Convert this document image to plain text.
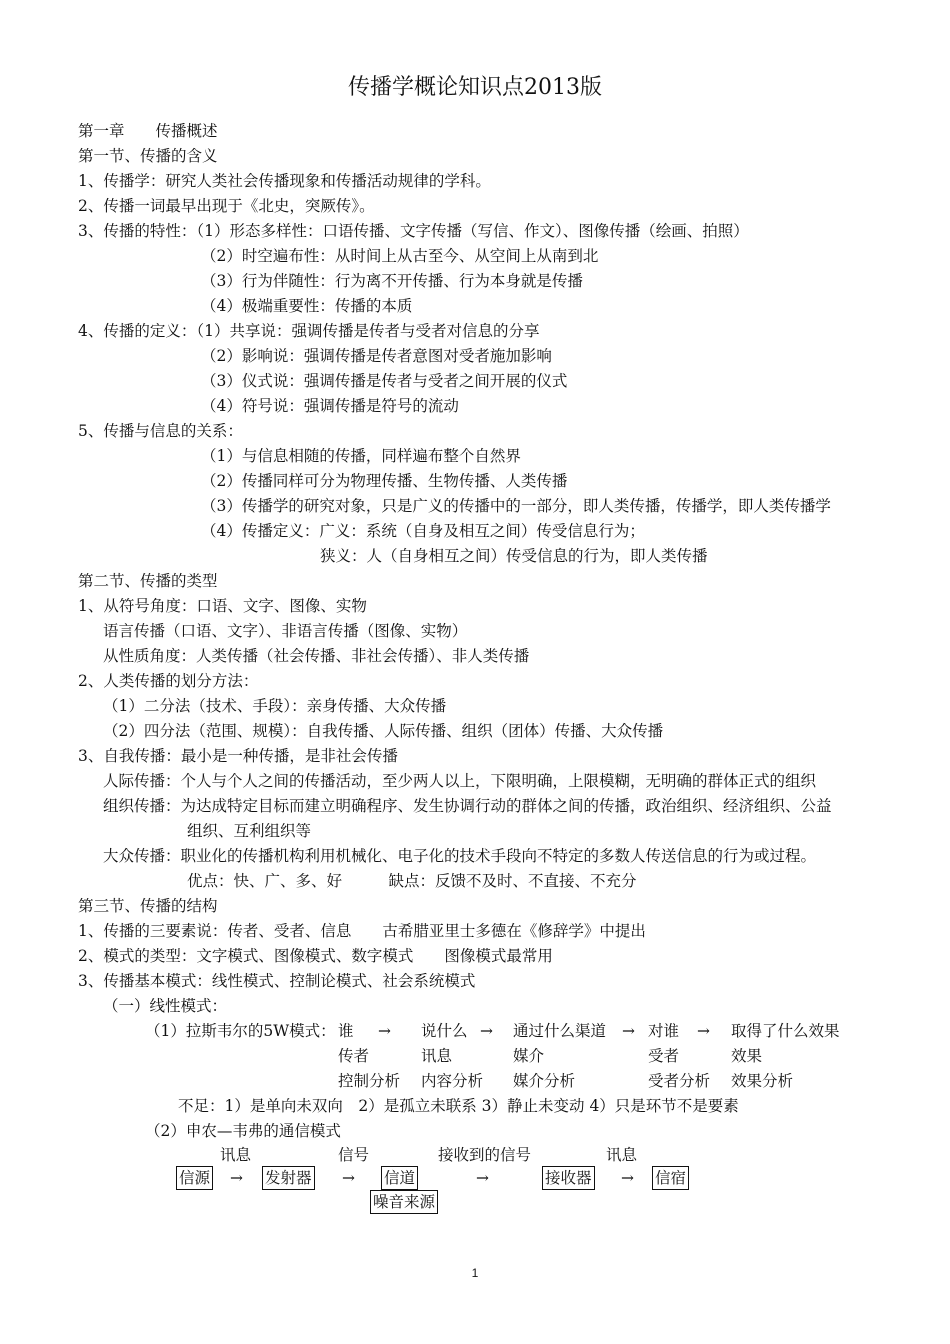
传播学概论知识点2013版
第一章　　传播概述
第一节、传播的含义
1、传播学：研究人类社会传播现象和传播活动规律的学科。
2、传播一词最早出现于《北史，突厥传》。
3、传播的特性：（1）形态多样性：口语传播、文字传播（写信、作文）、图像传播（绘画、拍照）
（2）时空遍布性：从时间上从古至今、从空间上从南到北
（3）行为伴随性：行为离不开传播、行为本身就是传播
（4）极端重要性：传播的本质
4、传播的定义：（1）共享说：强调传播是传者与受者对信息的分享
（2）影响说：强调传播是传者意图对受者施加影响
（3）仪式说：强调传播是传者与受者之间开展的仪式
（4）符号说：强调传播是符号的流动
5、传播与信息的关系：
（1）与信息相随的传播，同样遍布整个自然界
（2）传播同样可分为物理传播、生物传播、人类传播
（3）传播学的研究对象，只是广义的传播中的一部分，即人类传播，传播学，即人类传播学
（4）传播定义：广义：系统（自身及相互之间）传受信息行为；
狭义：人（自身相互之间）传受信息的行为，即人类传播
第二节、传播的类型
1、从符号角度：口语、文字、图像、实物
语言传播（口语、文字）、非语言传播（图像、实物）
从性质角度：人类传播（社会传播、非社会传播）、非人类传播
2、人类传播的划分方法：
（1）二分法（技术、手段）：亲身传播、大众传播
（2）四分法（范围、规模）：自我传播、人际传播、组织（团体）传播、大众传播
3、自我传播：最小是一种传播，是非社会传播
人际传播：个人与个人之间的传播活动，至少两人以上，下限明确，上限模糊，无明确的群体正式的组织
组织传播：为达成特定目标而建立明确程序、发生协调行动的群体之间的传播，政治组织、经济组织、公益
组织、互利组织等
大众传播：职业化的传播机构利用机械化、电子化的技术手段向不特定的多数人传送信息的行为或过程。
优点：快、广、多、好　　　缺点：反馈不及时、不直接、不充分
第三节、传播的结构
1、传播的三要素说：传者、受者、信息　　古希腊亚里士多德在《修辞学》中提出
2、模式的类型：文字模式、图像模式、数字模式　　图像模式最常用
3、传播基本模式：线性模式、控制论模式、社会系统模式
（一）线性模式：
（1）拉斯韦尔的5W模式： 谁 → 说什么 → 通过什么渠道 → 对谁 → 取得了什么效果
传者	讯息	媒介	受者	效果
控制分析 内容分析 媒介分析	受者分析 效果分析
不足：1）是单向未双向　2）是孤立未联系 3）静止未变动 4）只是环节不是要素
（2）申农—韦弗的通信模式
讯息	信号	接收到的信号	讯息
信源 → 发射器 → 信道	→	接收器 → 信宿
噪音来源
1
